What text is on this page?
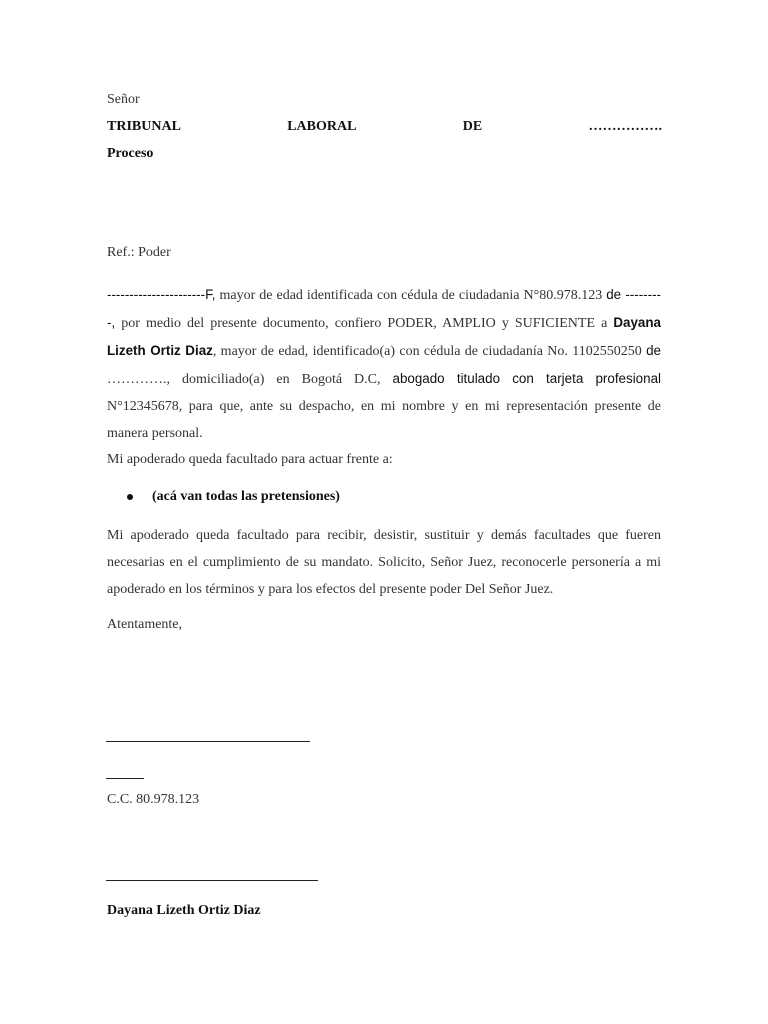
Señor
TRIBUNAL	LABORAL	DE	…………….
Proceso
Ref.: Poder
----------------------F, mayor de edad identificada con cédula de ciudadania N°80.978.123 de ---------, por medio del presente documento, confiero PODER, AMPLIO y SUFICIENTE a Dayana Lizeth Ortiz Diaz, mayor de edad, identificado(a) con cédula de ciudadanía No. 1102550250 de …………., domiciliado(a) en Bogotá D.C, abogado titulado con tarjeta profesional N°12345678, para que, ante su despacho, en mi nombre y en mi representación presente de manera personal.
Mi apoderado queda facultado para actuar frente a:
(acá van todas las pretensiones)
Mi apoderado queda facultado para recibir, desistir, sustituir y demás facultades que fueren necesarias en el cumplimiento de su mandato. Solicito, Señor Juez, reconocerle personería a mi apoderado en los términos y para los efectos del presente poder Del Señor Juez.
Atentamente,
C.C. 80.978.123
Dayana Lizeth Ortiz Diaz
